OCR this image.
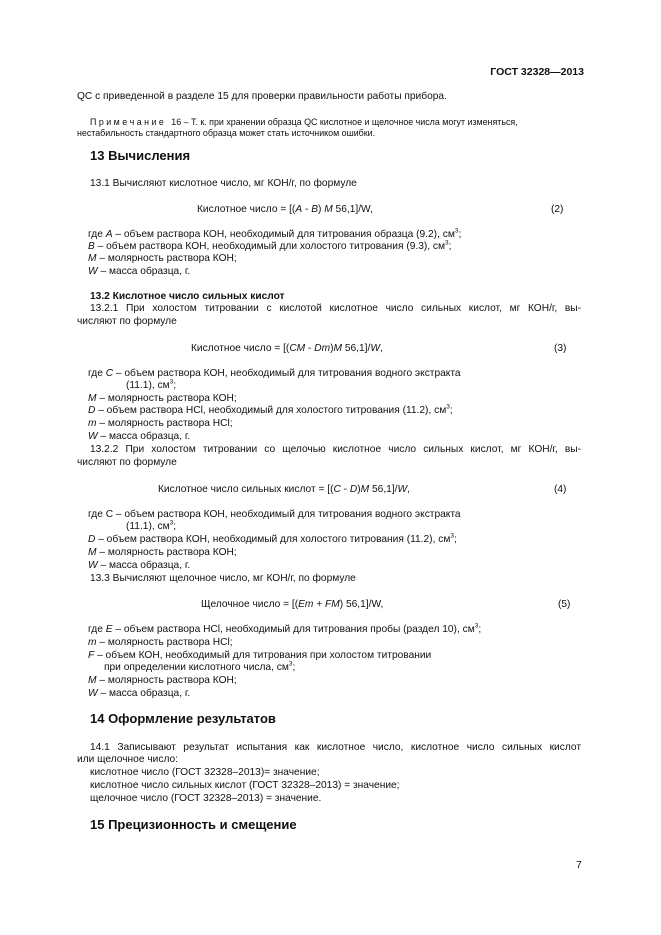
ГОСТ 32328—2013
QC с приведенной в разделе 15 для проверки правильности работы прибора.
П р и м е ч а н и е 16 – Т. к. при хранении образца QC кислотное и щелочное числа могут изменяться,
нестабильность стандартного образца может стать источником ошибки.
13 Вычисления
13.1 Вычисляют кислотное число, мг КОН/г, по формуле
Кислотное число = [(A - B) M 56,1]/W,	(2)
где A – объем раствора КОН, необходимый для титрования образца (9.2), $см^3$;
B – объем раствора КОН, необходимый дли холостого титрования (9.3), $см^3$;
M – молярность раствора КОН;
W – масса образца, г.
13.2 Кислотное число сильных кислот
13.2.1 При холостом титровании с кислотой кислотное число сильных кислот, мг КОН/г, вы-
числяют по формуле
Кислотное число = [(CM - Dm)M 56,1]/W,	(3)
где C – объем раствора КОН, необходимый для титрования водного экстракта
(11.1), $см^3$;
M – молярность раствора КОН;
D – объем раствора HCl, необходимый для холостого титрования (11.2), $см^3$;
m – молярность раствора HCl;
W – масса образца, г.
13.2.2 При холостом титровании со щелочью кислотное число сильных кислот, мг КОН/г, вы-
числяют по формуле
Кислотное число сильных кислот = [(C - D)M 56,1]/W,	(4)
где С – объем раствора КОН, необходимый для титрования водного экстракта
(11.1), $см^3$;
D – объем раствора КОН, необходимый для холостого титрования (11.2), $см^3$;
M – молярность раствора КОН;
W – масса образца, г.
13.3 Вычисляют щелочное число, мг КОН/г, по формуле
Щелочное число = [(Em + FM) 56,1]/W,	(5)
где E – объем раствора HCl, необходимый для титрования пробы (раздел 10), $см^3$;
m – молярность раствора HCl;
F – объем КОН, необходимый для титрования при холостом титровании
при определении кислотного числа, $см^3$;
M – молярность раствора КОН;
W – масса образца, г.
14 Оформление результатов
14.1 Записывают результат испытания как кислотное число, кислотное число сильных кислот
или щелочное число:
кислотное число (ГОСТ 32328–2013)= значение;
кислотное число сильных кислот (ГОСТ 32328–2013) = значение;
щелочное число (ГОСТ 32328–2013) = значение.
15 Прецизионность и смещение
7
